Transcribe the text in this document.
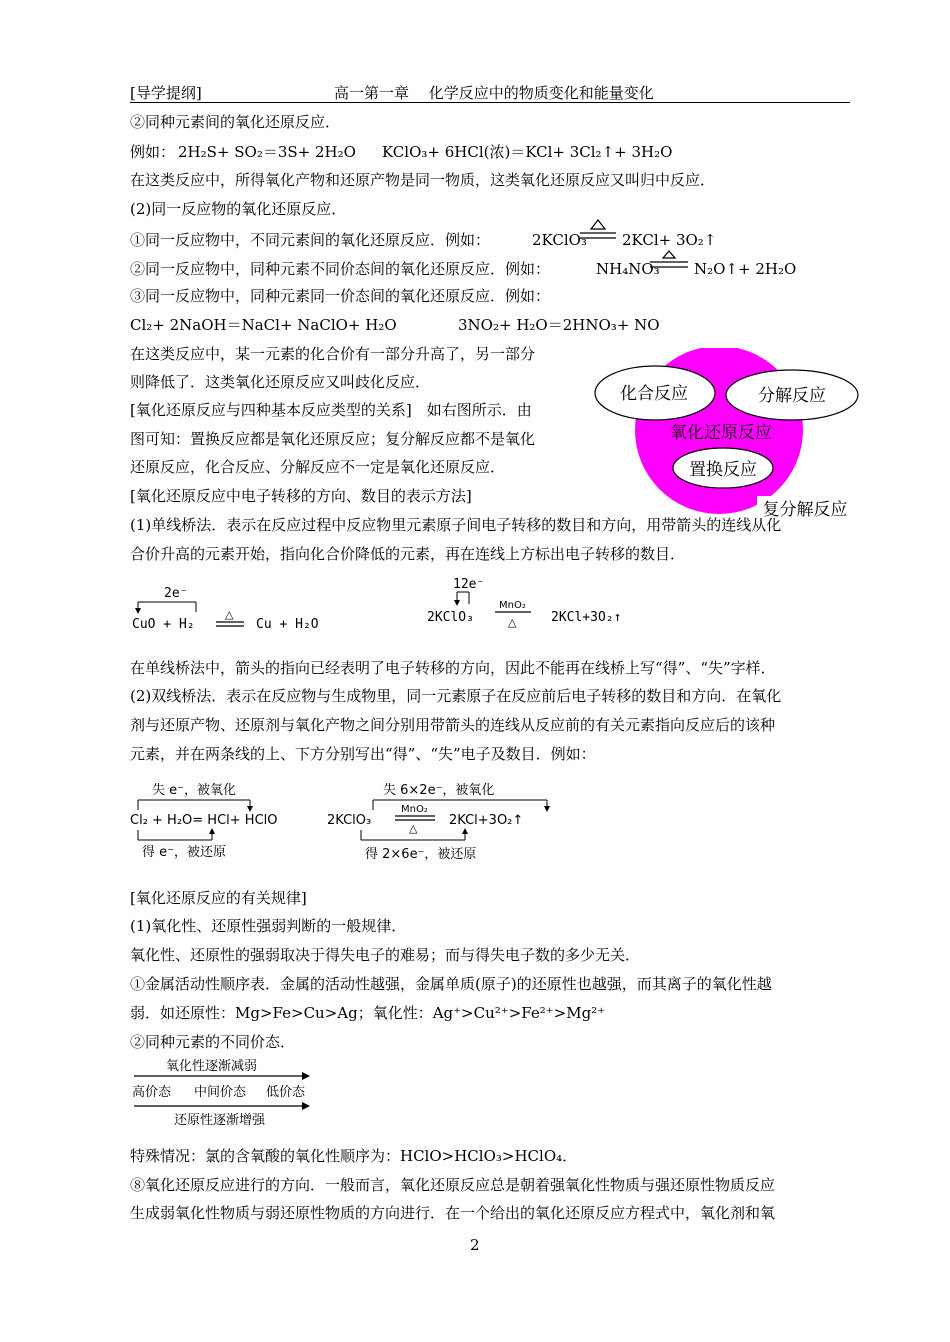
[导学提纲]	高一第一章　 化学反应中的物质变化和能量变化
②同种元素间的氧化还原反应．
例如： 2H₂S+ SO₂＝3S+ 2H₂O KClO₃+ 6HCl(浓)＝KCl+ 3Cl₂↑+ 3H₂O
在这类反应中，所得氧化产物和还原产物是同一物质，这类氧化还原反应又叫归中反应．
(2)同一反应物的氧化还原反应．
①同一反应物中，不同元素间的氧化还原反应．例如：	2KClO₃ 2KCl+ 3O₂↑
②同一反应物中，同种元素不同价态间的氧化还原反应．例如：	NH₄NO₃ N₂O↑+ 2H₂O
③同一反应物中，同种元素同一价态间的氧化还原反应．例如：
Cl₂+ 2NaOH＝NaCl+ NaClO+ H₂O	3NO₂+ H₂O＝2HNO₃+ NO
在这类反应中，某一元素的化合价有一部分升高了，另一部分
则降低了．这类氧化还原反应又叫歧化反应．
[氧化还原反应与四种基本反应类型的关系]　如右图所示．由
图可知：置换反应都是氧化还原反应；复分解反应都不是氧化
还原反应，化合反应、分解反应不一定是氧化还原反应．
[氧化还原反应中电子转移的方向、数目的表示方法]
化合反应	分解反应
氧化还原反应
置换反应
复分解反应
(1)单线桥法．表示在反应过程中反应物里元素原子间电子转移的数目和方向，用带箭头的连线从化
合价升高的元素开始，指向化合价降低的元素，再在连线上方标出电子转移的数目．
2e⁻
CuO + H₂
△
Cu + H₂O
12e⁻
2KClO₃
MnO₂
△	2KCl+3O₂↑
在单线桥法中，箭头的指向已经表明了电子转移的方向，因此不能再在线桥上写“得”、“失”字样．
(2)双线桥法．表示在反应物与生成物里，同一元素原子在反应前后电子转移的数目和方向．在氧化
剂与还原产物、还原剂与氧化产物之间分别用带箭头的连线从反应前的有关元素指向反应后的该种
元素，并在两条线的上、下方分别写出“得”、“失”电子及数目．例如：
失 e⁻，被氧化
Cl₂ + H₂O= HCl+ HClO
得 e⁻，被还原
失 6×2e⁻，被氧化
2KClO₃
MnO₂
△
2KCl+3O₂↑
得 2×6e⁻，被还原
[氧化还原反应的有关规律]
(1)氧化性、还原性强弱判断的一般规律．
氧化性、还原性的强弱取决于得失电子的难易；而与得失电子数的多少无关．
①金属活动性顺序表．金属的活动性越强，金属单质(原子)的还原性也越强，而其离子的氧化性越
弱．如还原性：Mg>Fe>Cu>Ag；氧化性：Ag⁺>Cu²⁺>Fe²⁺>Mg²⁺
②同种元素的不同价态．
氧化性逐渐减弱
高价态 中间价态 低价态
还原性逐渐增强
特殊情况：氯的含氧酸的氧化性顺序为：HClO>HClO₃>HClO₄．
⑧氧化还原反应进行的方向．一般而言，氧化还原反应总是朝着强氧化性物质与强还原性物质反应
生成弱氧化性物质与弱还原性物质的方向进行．在一个给出的氧化还原反应方程式中，氧化剂和氧
2
